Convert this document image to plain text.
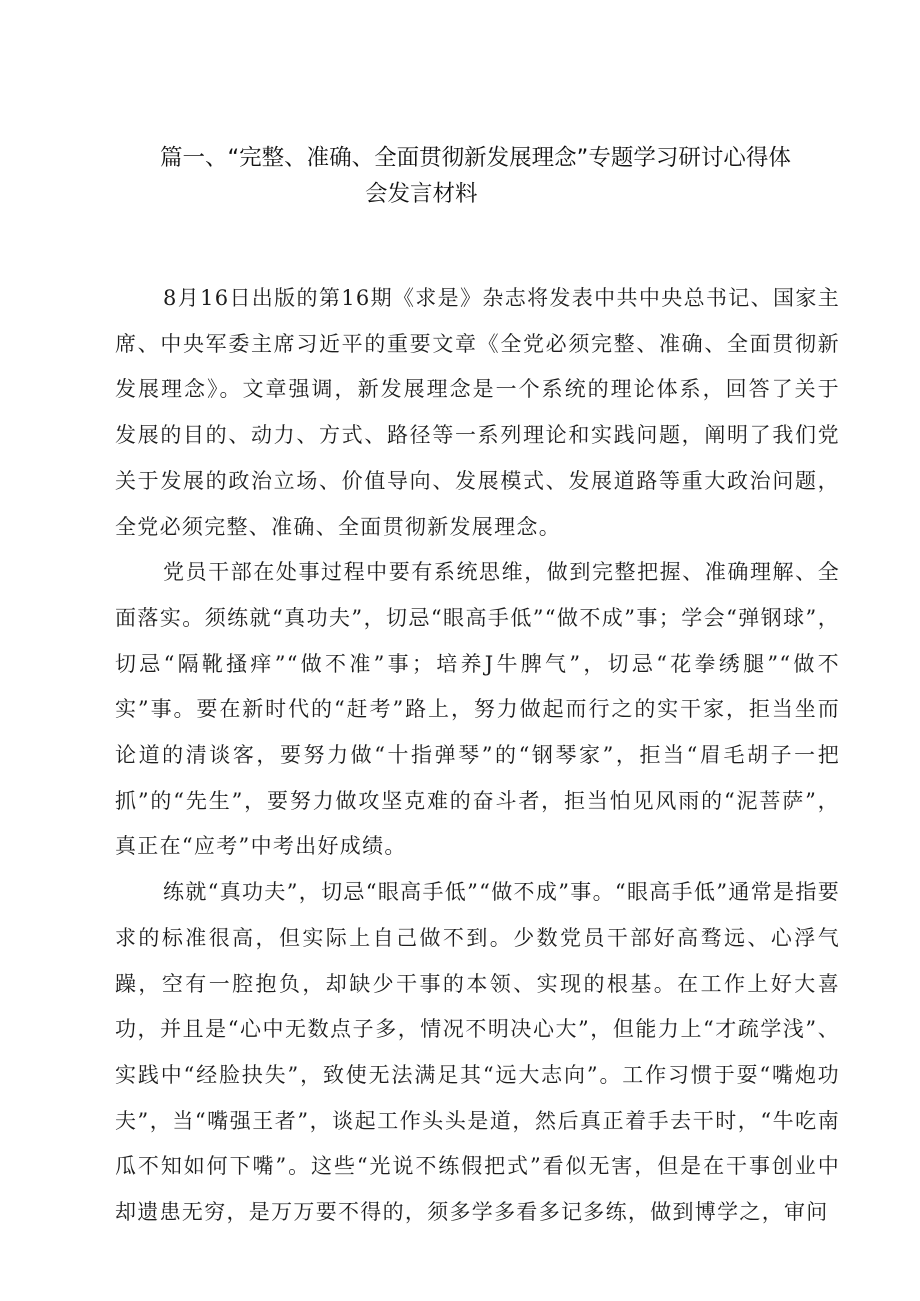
篇一、“完整、准确、全面贯彻新发展理念”专题学习研讨心得体
会发言材料

8月16日出版的第16期《求是》杂志将发表中共中央总书记、国家主席、中央军委主席习近平的重要文章《全党必须完整、准确、全面贯彻新发展理念》。文章强调，新发展理念是一个系统的理论体系，回答了关于发展的目的、动力、方式、路径等一系列理论和实践问题，阐明了我们党关于发展的政治立场、价值导向、发展模式、发展道路等重大政治问题，全党必须完整、准确、全面贯彻新发展理念。

党员干部在处事过程中要有系统思维，做到完整把握、准确理解、全面落实。须练就“真功夫”，切忌“眼高手低”“做不成”事；学会“弹钢球”，切忌“隔靴搔痒”“做不准”事；培养J牛脾气”，切忌“花拳绣腿”“做不实”事。要在新时代的“赶考”路上，努力做起而行之的实干家，拒当坐而论道的清谈客，要努力做“十指弹琴”的“钢琴家”，拒当“眉毛胡子一把抓”的“先生”，要努力做攻坚克难的奋斗者，拒当怕见风雨的“泥菩萨”，真正在“应考”中考出好成绩。

练就“真功夫”，切忌“眼高手低”“做不成”事。“眼高手低”通常是指要求的标准很高，但实际上自己做不到。少数党员干部好高骛远、心浮气躁，空有一腔抱负，却缺少干事的本领、实现的根基。在工作上好大喜功，并且是“心中无数点子多，情况不明决心大”，但能力上“才疏学浅”、实践中“经脸抉失”，致使无法满足其“远大志向”。工作习惯于耍“嘴炮功夫”，当“嘴强王者”，谈起工作头头是道，然后真正着手去干时，“牛吃南瓜不知如何下嘴”。这些“光说不练假把式”看似无害，但是在干事创业中却遗患无穷，是万万要不得的，须多学多看多记多练，做到博学之，审问
